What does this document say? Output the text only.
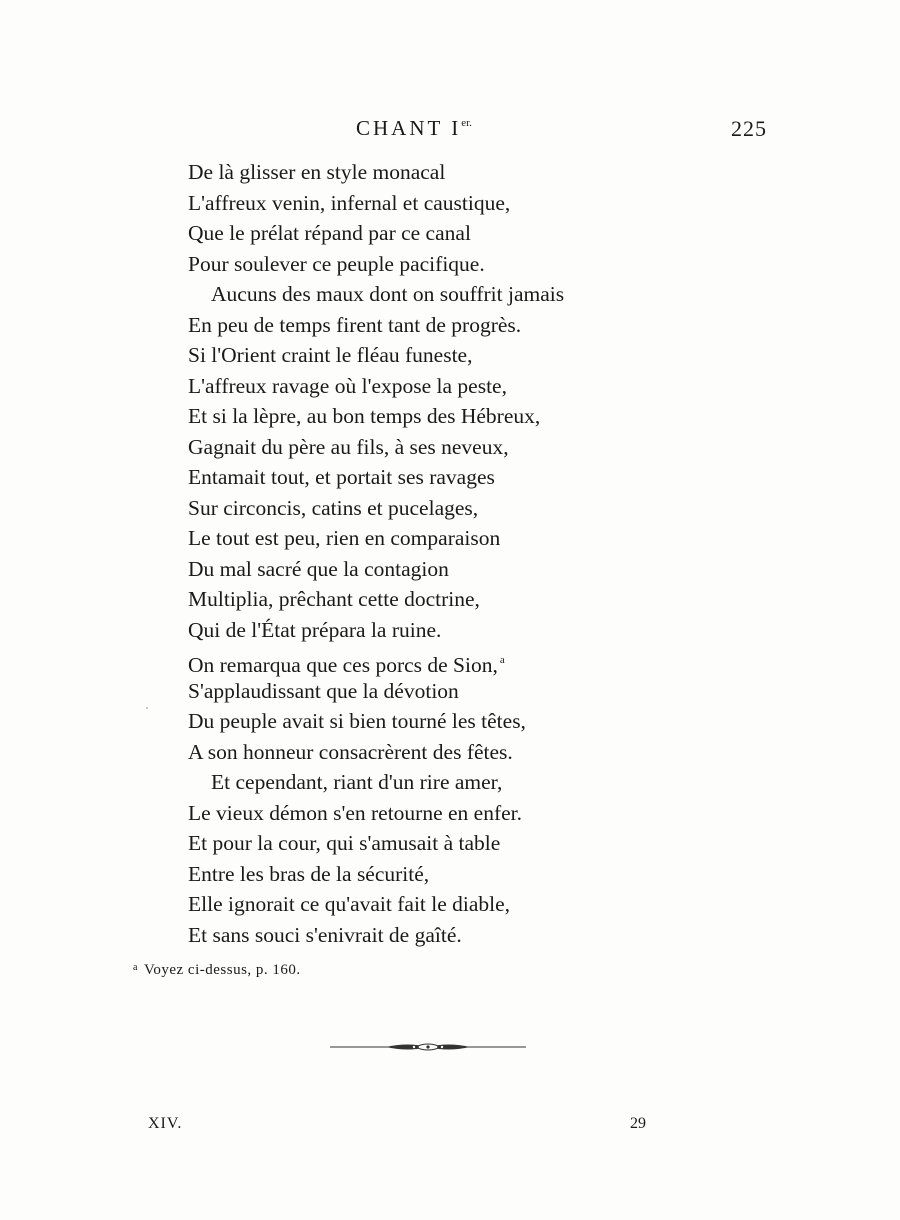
CHANT $I^{er.}$	225
De là glisser en style monacal
L'affreux venin, infernal et caustique,
Que le prélat répand par ce canal
Pour soulever ce peuple pacifique.
Aucuns des maux dont on souffrit jamais
En peu de temps firent tant de progrès.
Si l'Orient craint le fléau funeste,
L'affreux ravage où l'expose la peste,
Et si la lèpre, au bon temps des Hébreux,
Gagnait du père au fils, à ses neveux,
Entamait tout, et portait ses ravages
Sur circoncis, catins et pucelages,
Le tout est peu, rien en comparaison
Du mal sacré que la contagion
Multiplia, prêchant cette doctrine,
Qui de l'État prépara la ruine.
On remarqua que ces porcs de Sion, $^a$
S'applaudissant que la dévotion
Du peuple avait si bien tourné les têtes,
A son honneur consacrèrent des fêtes.
Et cependant, riant d'un rire amer,
Le vieux démon s'en retourne en enfer.
Et pour la cour, qui s'amusait à table
Entre les bras de la sécurité,
Elle ignorait ce qu'avait fait le diable,
Et sans souci s'enivrait de gaîté.
$^a$ Voyez ci-dessus, p. 160.
XIV.	29
